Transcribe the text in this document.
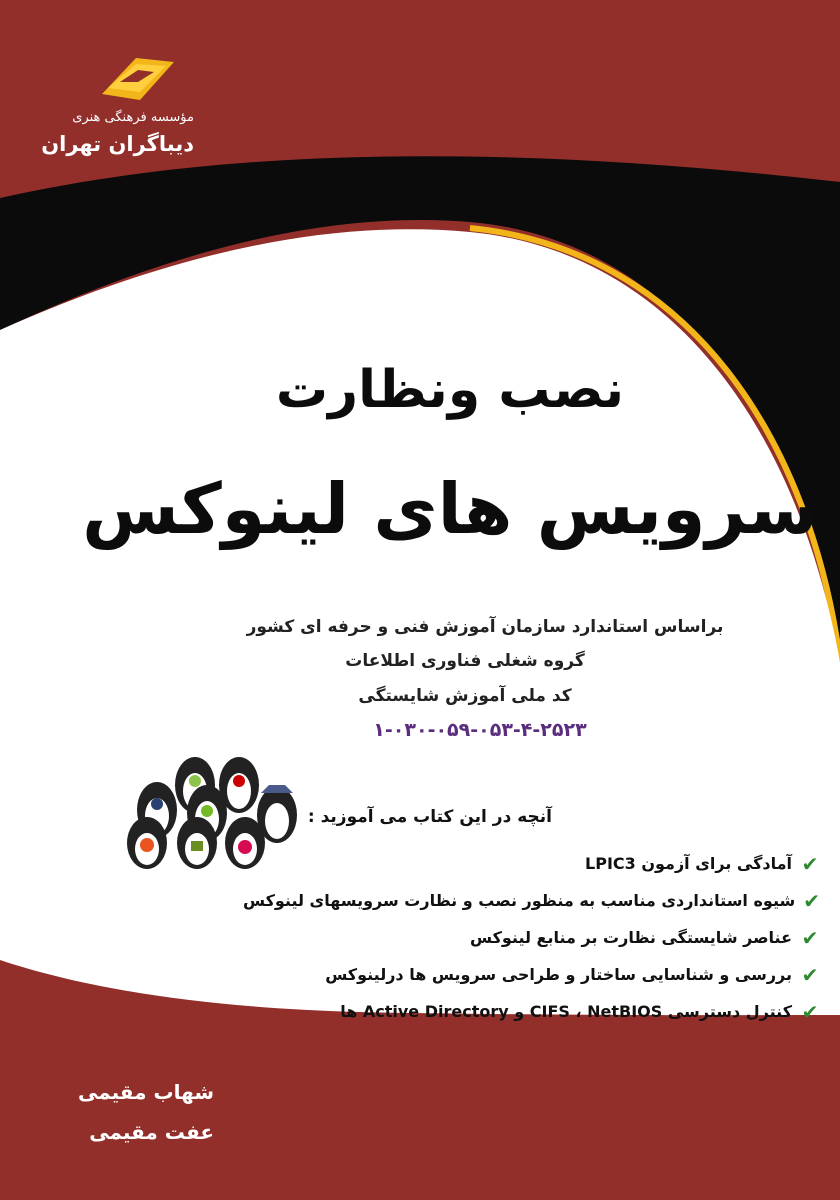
مؤسسه فرهنگی هنری
دیباگران تهران
نصب ونظارت
سرویس های لینوکس
براساس استاندارد سازمان آموزش فنی و حرفه ای کشور
گروه شغلی فناوری اطلاعات
کد ملی آموزش شایستگی
۱-۰۳۰-۰۵۹-۰۵۳-۴-۲۵۲۳
آنچه در این کتاب می آموزید :
✔
آمادگی برای آزمون LPIC3
✔
شیوه استانداردی مناسب به منظور نصب و نظارت سرویسهای لینوکس
✔
عناصر شایستگی نظارت بر منابع لینوکس
✔
بررسی و شناسایی ساختار و طراحی سرویس ها درلینوکس
✔
کنترل دسترسی CIFS ، NetBIOS و Active Directory ها
شهاب مقیمی
عفت مقیمی
